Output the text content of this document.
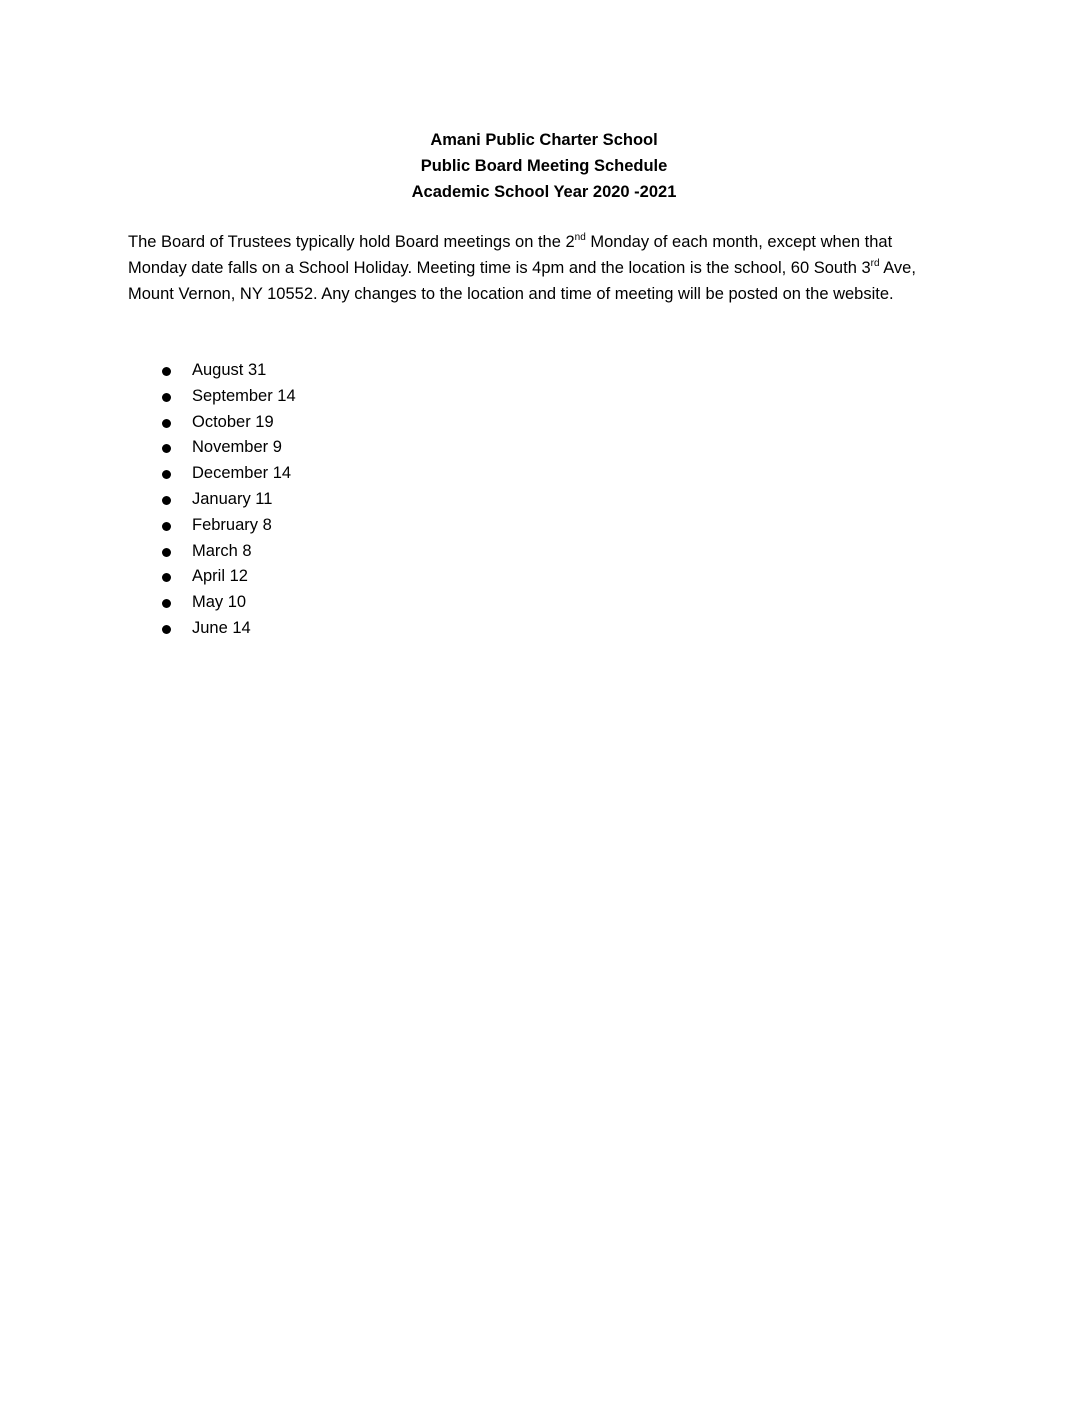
Amani Public Charter School
Public Board Meeting Schedule
Academic School Year 2020 -2021

The Board of Trustees typically hold Board meetings on the 2nd Monday of each month, except when that Monday date falls on a School Holiday. Meeting time is 4pm and the location is the school, 60 South 3rd Ave, Mount Vernon, NY 10552. Any changes to the location and time of meeting will be posted on the website.

August 31
September 14
October 19
November 9
December 14
January 11
February 8
March 8
April 12
May 10
June 14
